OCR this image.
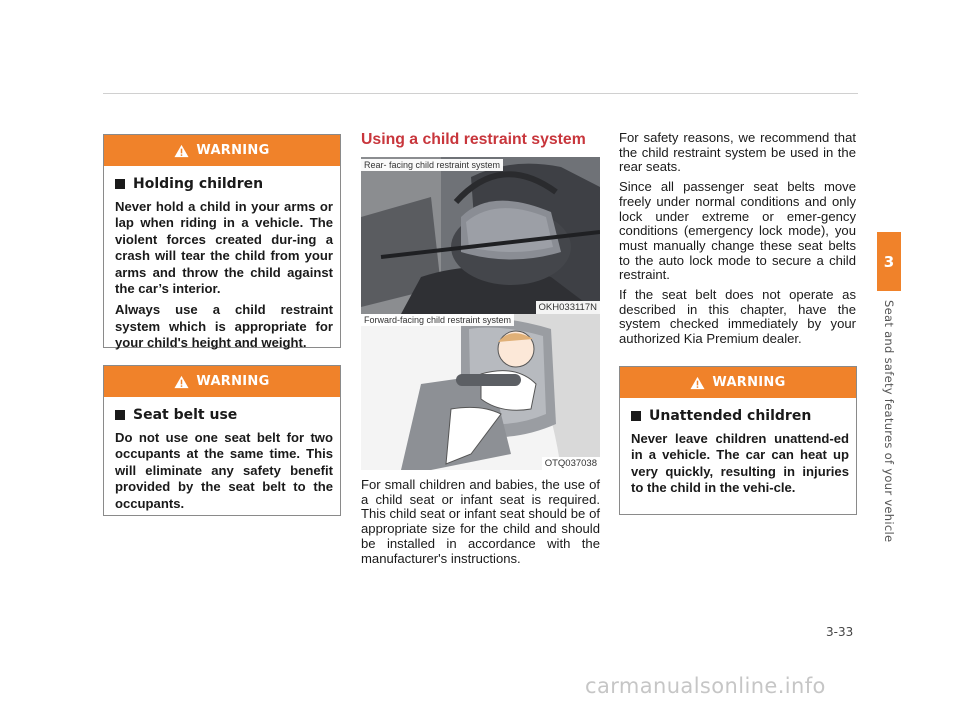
WARNING
Holding children

Never hold a child in your arms or lap when riding in a vehicle. The violent forces created dur-ing a crash will tear the child from your arms and throw the child against the car’s interior.

Always use a child restraint system which is appropriate for your child's height and weight.

WARNING
Seat belt use

Do not use one seat belt for two occupants at the same time. This will eliminate any safety benefit provided by the seat belt to the occupants.

Using a child restraint system
Rear- facing child restraint system
OKH033117N
Forward-facing child restraint system
OTQ037038

For small children and babies, the use of a child seat or infant seat is required. This child seat or infant seat should be of appropriate size for the child and should be installed in accordance with the manufacturer's instructions.

For safety reasons, we recommend that the child restraint system be used in the rear seats.

Since all passenger seat belts move freely under normal conditions and only lock under extreme or emer-gency conditions (emergency lock mode), you must manually change these seat belts to the auto lock mode to secure a child restraint.

If the seat belt does not operate as described in this chapter, have the system checked immediately by your authorized Kia Premium dealer.

WARNING
Unattended children

Never leave children unattend-ed in a vehicle. The car can heat up very quickly, resulting in injuries to the child in the vehi-cle.

3
Seat and safety features of your vehicle
3-33
carmanualsonline.info
